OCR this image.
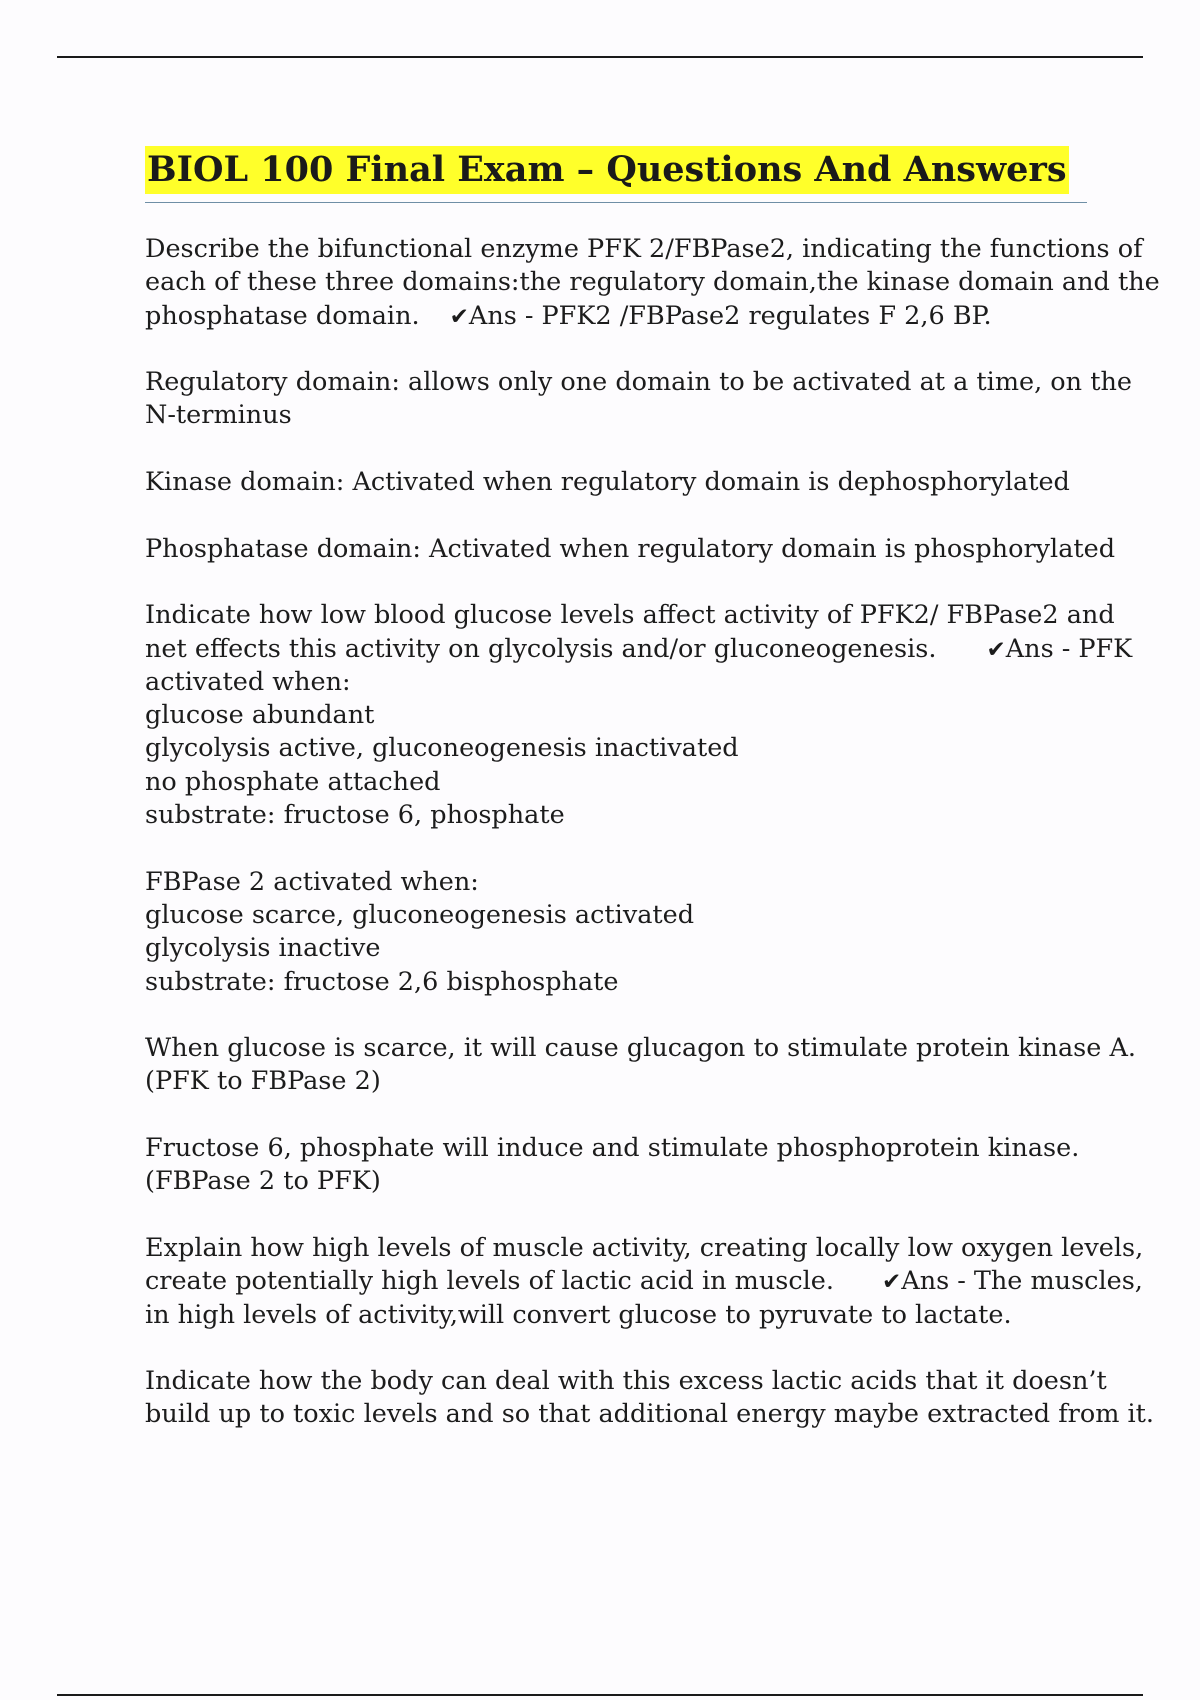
BIOL 100 Final Exam – Questions And Answers
Describe the bifunctional enzyme PFK 2/FBPase2, indicating the functions of
each of these three domains:the regulatory domain,the kinase domain and the
phosphatase domain. ✔Ans - PFK2 /FBPase2 regulates F 2,6 BP.
Regulatory domain: allows only one domain to be activated at a time, on the
N-terminus
Kinase domain: Activated when regulatory domain is dephosphorylated
Phosphatase domain: Activated when regulatory domain is phosphorylated
Indicate how low blood glucose levels affect activity of PFK2/ FBPase2 and
net effects this activity on glycolysis and/or gluconeogenesis. ✔Ans - PFK
activated when:
glucose abundant
glycolysis active, gluconeogenesis inactivated
no phosphate attached
substrate: fructose 6, phosphate
FBPase 2 activated when:
glucose scarce, gluconeogenesis activated
glycolysis inactive
substrate: fructose 2,6 bisphosphate
When glucose is scarce, it will cause glucagon to stimulate protein kinase A.
(PFK to FBPase 2)
Fructose 6, phosphate will induce and stimulate phosphoprotein kinase.
(FBPase 2 to PFK)
Explain how high levels of muscle activity, creating locally low oxygen levels,
create potentially high levels of lactic acid in muscle. ✔Ans - The muscles,
in high levels of activity,will convert glucose to pyruvate to lactate.
Indicate how the body can deal with this excess lactic acids that it doesn’t
build up to toxic levels and so that additional energy maybe extracted from it.
